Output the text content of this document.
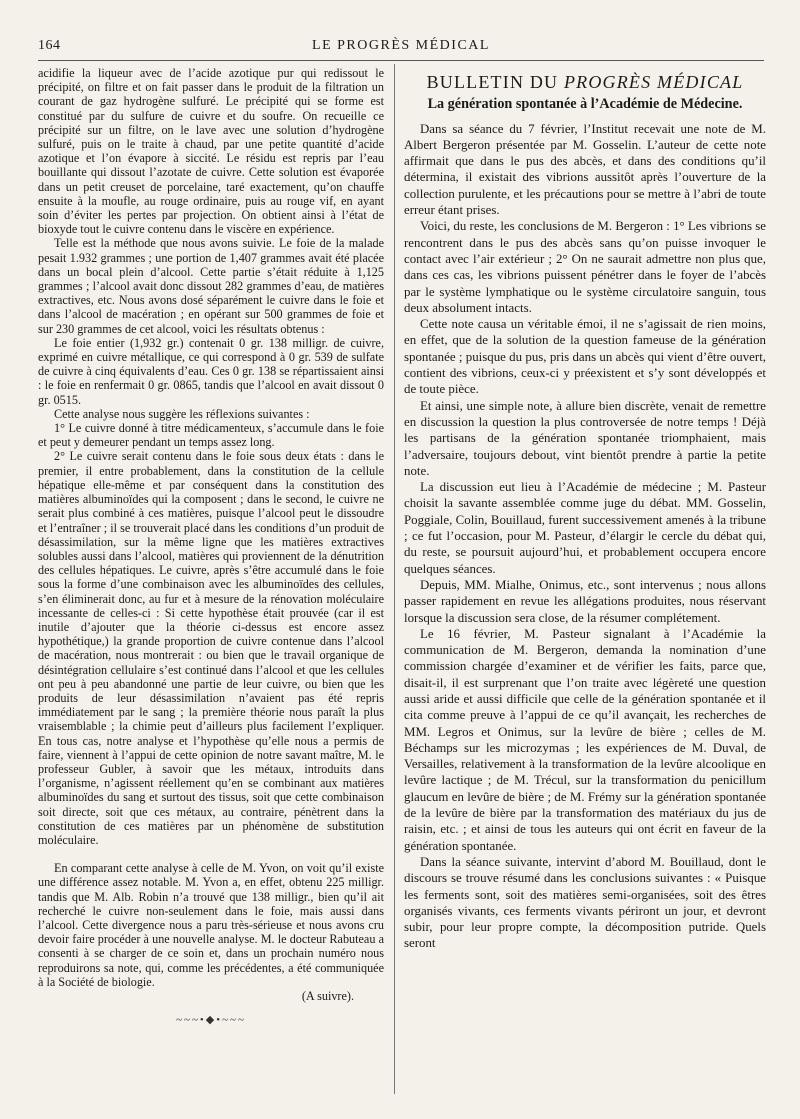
164	LE PROGRÈS MÉDICAL

acidifie la liqueur avec de l’acide azotique pur qui redissout le précipité, on filtre et on fait passer dans le produit de la filtration un courant de gaz hydrogène sulfuré. Le précipité qui se forme est constitué par du sulfure de cuivre et du soufre. On recueille ce précipité sur un filtre, on le lave avec une solution d’hydrogène sulfuré, puis on le traite à chaud, par une petite quantité d’acide azotique et l’on évapore à siccité. Le résidu est repris par l’eau bouillante qui dissout l’azotate de cuivre. Cette solution est évaporée dans un petit creuset de porcelaine, taré exactement, qu’on chauffe ensuite à la moufle, au rouge ordinaire, puis au rouge vif, en ayant soin d’éviter les pertes par projection. On obtient ainsi à l’état de bioxyde tout le cuivre contenu dans le viscère en expérience.

Telle est la méthode que nous avons suivie. Le foie de la malade pesait 1.932 grammes ; une portion de 1,407 grammes avait été placée dans un bocal plein d’alcool. Cette partie s’était réduite à 1,125 grammes ; l’alcool avait donc dissout 282 grammes d’eau, de matières extractives, etc. Nous avons dosé séparément le cuivre dans le foie et dans l’alcool de macération ; en opérant sur 500 grammes de foie et sur 230 grammes de cet alcool, voici les résultats obtenus :

Le foie entier (1,932 gr.) contenait 0 gr. 138 milligr. de cuivre, exprimé en cuivre métallique, ce qui correspond à 0 gr. 539 de sulfate de cuivre à cinq équivalents d’eau. Ces 0 gr. 138 se répartissaient ainsi : le foie en renfermait 0 gr. 0865, tandis que l’alcool en avait dissout 0 gr. 0515.

Cette analyse nous suggère les réflexions suivantes :

1° Le cuivre donné à titre médicamenteux, s’accumule dans le foie et peut y demeurer pendant un temps assez long.

2° Le cuivre serait contenu dans le foie sous deux états : dans le premier, il entre probablement, dans la constitution de la cellule hépatique elle-même et par conséquent dans la constitution des matières albuminoïdes qui la composent ; dans le second, le cuivre ne serait plus combiné à ces matières, puisque l’alcool peut le dissoudre et l’entraîner ; il se trouverait placé dans les conditions d’un produit de désassimilation, sur la même ligne que les matières extractives solubles aussi dans l’alcool, matières qui proviennent de la dénutrition des cellules hépatiques. Le cuivre, après s’être accumulé dans le foie sous la forme d’une combinaison avec les albuminoïdes des cellules, s’en éliminerait donc, au fur et à mesure de la rénovation moléculaire incessante de celles-ci : Si cette hypothèse était prouvée (car il est inutile d’ajouter que la théorie ci-dessus est encore assez hypothétique,) la grande proportion de cuivre contenue dans l’alcool de macération, nous montrerait : ou bien que le travail organique de désintégration cellulaire s’est continué dans l’alcool et que les cellules ont peu à peu abandonné une partie de leur cuivre, ou bien que les produits de leur désassimilation n’avaient pas été repris immédiatement par le sang ; la première théorie nous paraît la plus vraisemblable ; la chimie peut d’ailleurs plus facilement l’expliquer. En tous cas, notre analyse et l’hypothèse qu’elle nous a permis de faire, viennent à l’appui de cette opinion de notre savant maître, M. le professeur Gubler, à savoir que les métaux, introduits dans l’organisme, n’agissent réellement qu’en se combinant aux matières albuminoïdes du sang et surtout des tissus, soit que cette combinaison soit directe, soit que ces métaux, au contraire, pénètrent dans la constitution de ces matières par un phénomène de substitution moléculaire.

En comparant cette analyse à celle de M. Yvon, on voit qu’il existe une différence assez notable. M. Yvon a, en effet, obtenu 225 milligr. tandis que M. Alb. Robin n’a trouvé que 138 milligr., bien qu’il ait recherché le cuivre non-seulement dans le foie, mais aussi dans l’alcool. Cette divergence nous a paru très-sérieuse et nous avons cru devoir faire procéder à une nouvelle analyse. M. le docteur Rabuteau a consenti à se charger de ce soin et, dans un prochain numéro nous reproduirons sa note, qui, comme les précédentes, a été communiquée à la Société de biologie.

(A suivre).
~~~•◆•~~~
BULLETIN DU PROGRÈS MÉDICAL
La génération spontanée à l’Académie de Médecine.

Dans sa séance du 7 février, l’Institut recevait une note de M. Albert Bergeron présentée par M. Gosselin. L’auteur de cette note affirmait que dans le pus des abcès, et dans des conditions qu’il détermina, il existait des vibrions aussitôt après l’ouverture de la collection purulente, et les précautions pour se mettre à l’abri de toute erreur étant prises.

Voici, du reste, les conclusions de M. Bergeron : 1° Les vibrions se rencontrent dans le pus des abcès sans qu’on puisse invoquer le contact avec l’air extérieur ; 2° On ne saurait admettre non plus que, dans ces cas, les vibrions puissent pénétrer dans le foyer de l’abcès par le système lymphatique ou le système circulatoire sanguin, tous deux absolument intacts.

Cette note causa un véritable émoi, il ne s’agissait de rien moins, en effet, que de la solution de la question fameuse de la génération spontanée ; puisque du pus, pris dans un abcès qui vient d’être ouvert, contient des vibrions, ceux-ci y préexistent et s’y sont développés et de toute pièce.

Et ainsi, une simple note, à allure bien discrète, venait de remettre en discussion la question la plus controversée de notre temps ! Déjà les partisans de la génération spontanée triomphaient, mais l’adversaire, toujours debout, vint bientôt prendre à partie la petite note.

La discussion eut lieu à l’Académie de médecine ; M. Pasteur choisit la savante assemblée comme juge du débat. MM. Gosselin, Poggiale, Colin, Bouillaud, furent successivement amenés à la tribune ; ce fut l’occasion, pour M. Pasteur, d’élargir le cercle du débat qui, du reste, se poursuit aujourd’hui, et probablement occupera encore quelques séances.

Depuis, MM. Mialhe, Onimus, etc., sont intervenus ; nous allons passer rapidement en revue les allégations produites, nous réservant lorsque la discussion sera close, de la résumer complétement.

Le 16 février, M. Pasteur signalant à l’Académie la communication de M. Bergeron, demanda la nomination d’une commission chargée d’examiner et de vérifier les faits, parce que, disait-il, il est surprenant que l’on traite avec légèreté une question aussi aride et aussi difficile que celle de la génération spontanée et il cita comme preuve à l’appui de ce qu’il avançait, les recherches de MM. Legros et Onimus, sur la levûre de bière ; celles de M. Béchamps sur les microzymas ; les expériences de M. Duval, de Versailles, relativement à la transformation de la levûre alcoolique en levûre lactique ; de M. Trécul, sur la transformation du penicillum glaucum en levûre de bière ; de M. Frémy sur la génération spontanée de la levûre de bière par la transformation des matériaux du jus de raisin, etc. ; et ainsi de tous les auteurs qui ont écrit en faveur de la génération spontanée.

Dans la séance suivante, intervint d’abord M. Bouillaud, dont le discours se trouve résumé dans les conclusions suivantes : « Puisque les ferments sont, soit des matières semi-organisées, soit des êtres organisés vivants, ces ferments vivants périront un jour, et devront subir, pour leur propre compte, la décomposition putride. Quels seront
